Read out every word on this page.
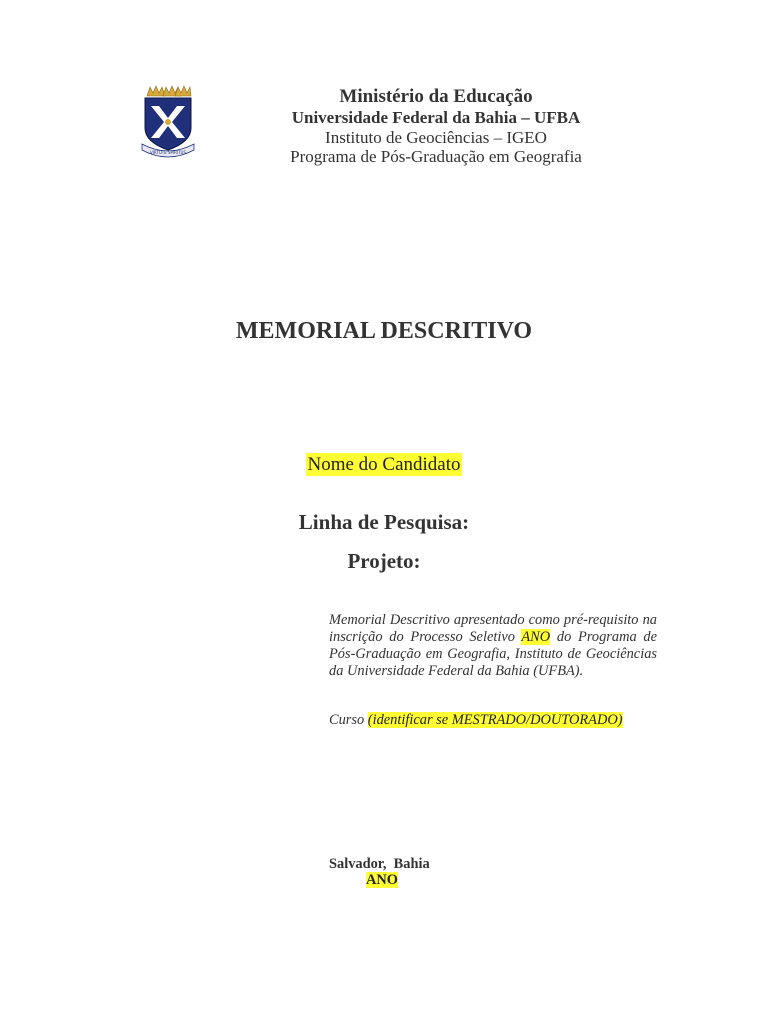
VIRTUTE SPIRITUS
Ministério da Educação
Universidade Federal da Bahia – UFBA
Instituto de Geociências – IGEO
Programa de Pós-Graduação em Geografia
MEMORIAL DESCRITIVO
Nome do Candidato
Linha de Pesquisa:
Projeto:

Memorial Descritivo apresentado como pré-requisito na inscrição do Processo Seletivo ANO do Programa de Pós-Graduação em Geografia, Instituto de Geociências da Universidade Federal da Bahia (UFBA).

Curso (identificar se MESTRADO/DOUTORADO)
Salvador,  Bahia
ANO
